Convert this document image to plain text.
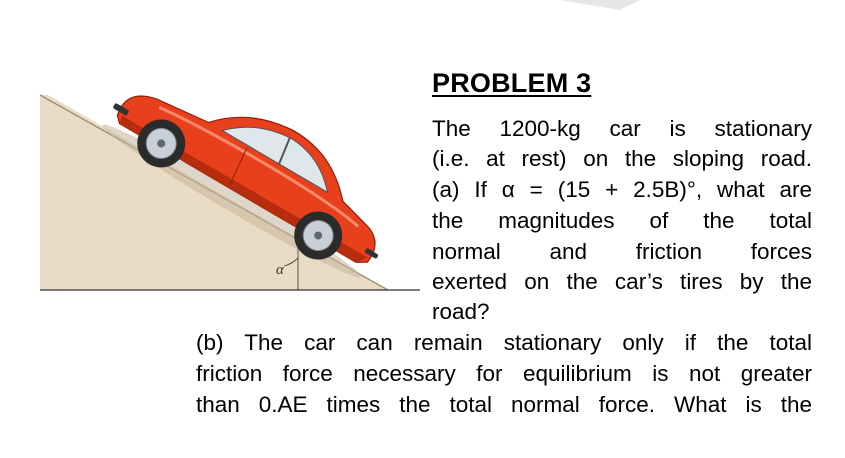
α
PROBLEM 3
The 1200-kg car is stationary
(i.e. at rest) on the sloping road.
(a) If α = (15 + 2.5B)°, what are
the magnitudes of the total
normal and friction forces
exerted on the car’s tires by the
road?
(b) The car can remain stationary only if the total
friction force necessary for equilibrium is not greater
than 0.AE times the total normal force. What is the
